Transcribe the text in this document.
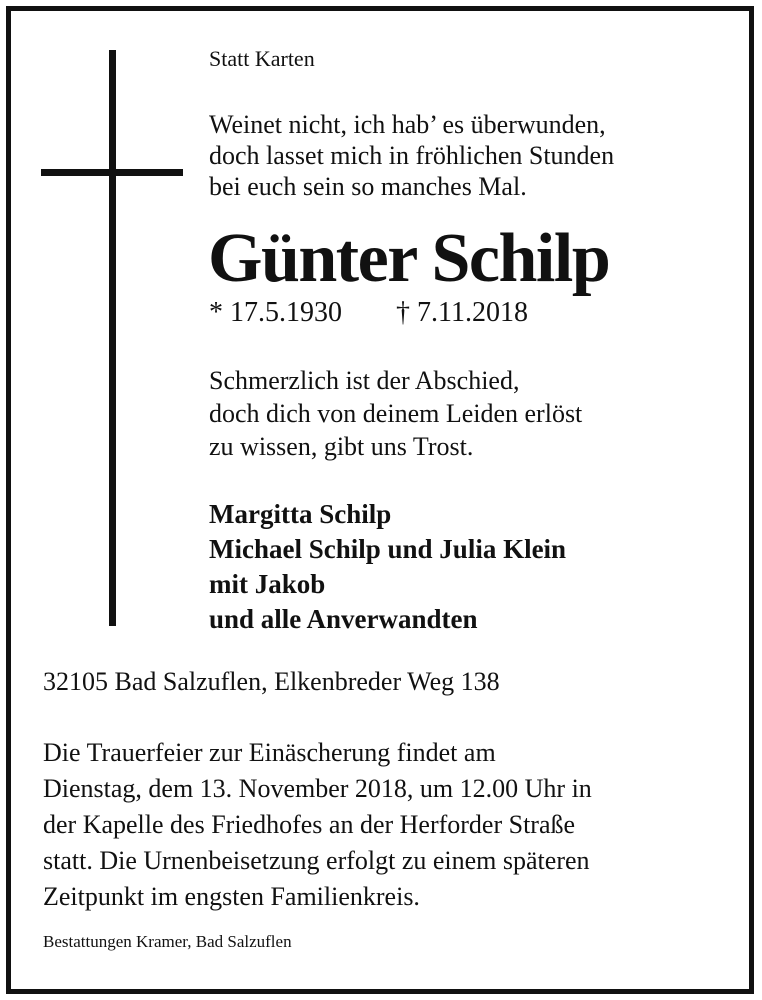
Statt Karten

Weinet nicht, ich hab’ es überwunden,
doch lasset mich in fröhlichen Stunden
bei euch sein so manches Mal.

Günter Schilp

* 17.5.1930 † 7.11.2018

Schmerzlich ist der Abschied,
doch dich von deinem Leiden erlöst
zu wissen, gibt uns Trost.

Margitta Schilp
Michael Schilp und Julia Klein
mit Jakob
und alle Anverwandten

32105 Bad Salzuflen, Elkenbreder Weg 138

Die Trauerfeier zur Einäscherung findet am
Dienstag, dem 13. November 2018, um 12.00 Uhr in
der Kapelle des Friedhofes an der Herforder Straße
statt. Die Urnenbeisetzung erfolgt zu einem späteren
Zeitpunkt im engsten Familienkreis.

Bestattungen Kramer, Bad Salzuflen
